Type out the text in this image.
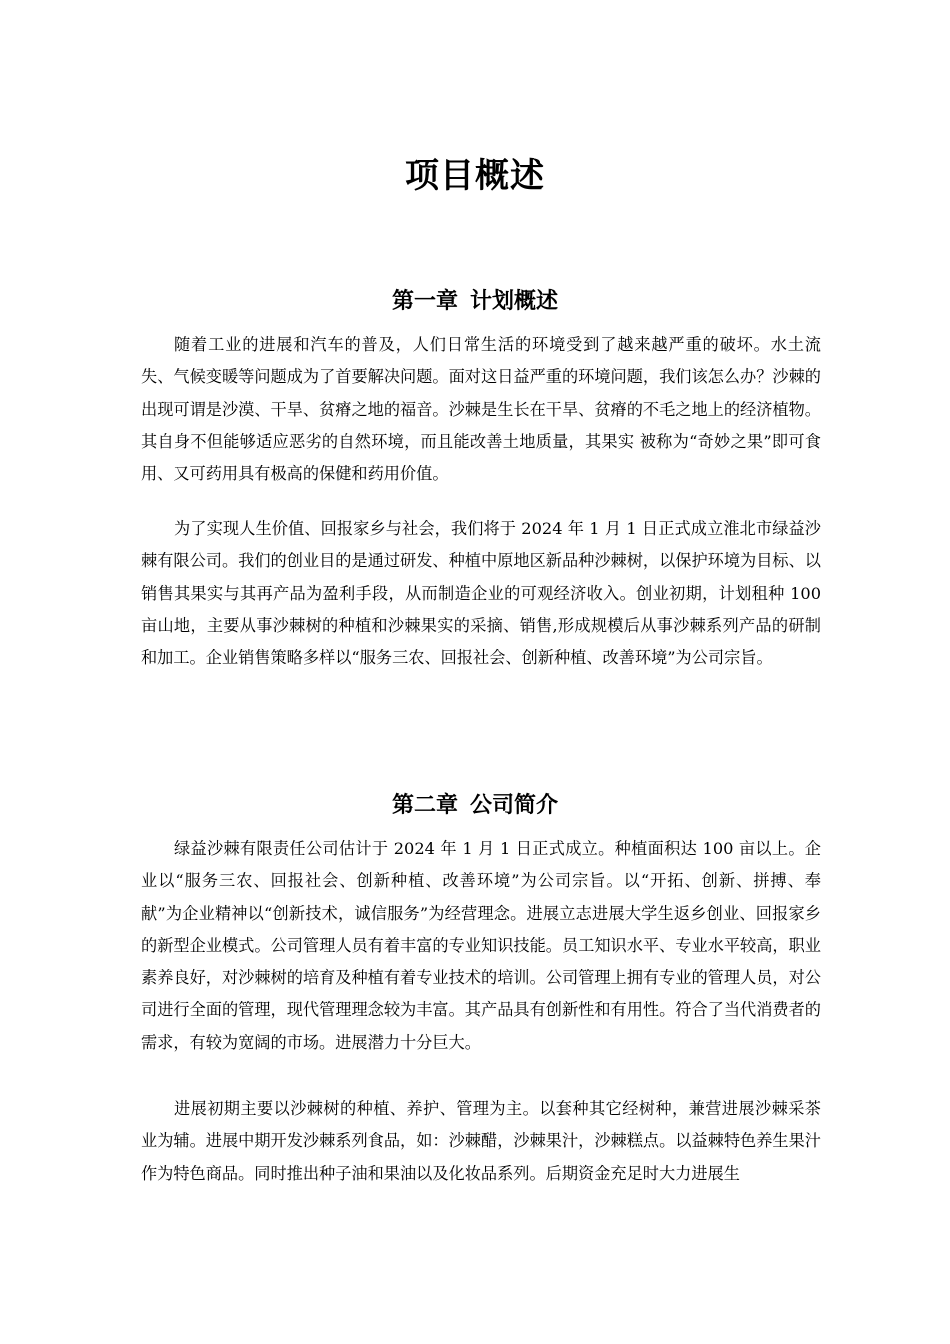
项目概述
第一章 计划概述

随着工业的进展和汽车的普及，人们日常生活的环境受到了越来越严重的破坏。水土流失、气候变暖等问题成为了首要解决问题。面对这日益严重的环境问题，我们该怎么办？沙棘的出现可谓是沙漠、干旱、贫瘠之地的福音。沙棘是生长在干旱、贫瘠的不毛之地上的经济植物。其自身不但能够适应恶劣的自然环境，而且能改善土地质量，其果实 被称为“奇妙之果”即可食用、又可药用具有极高的保健和药用价值。

为了实现人生价值、回报家乡与社会，我们将于 2024 年 1 月 1 日正式成立淮北市绿益沙棘有限公司。我们的创业目的是通过研发、种植中原地区新品种沙棘树，以保护环境为目标、以销售其果实与其再产品为盈利手段，从而制造企业的可观经济收入。创业初期，计划租种 100 亩山地，主要从事沙棘树的种植和沙棘果实的采摘、销售,形成规模后从事沙棘系列产品的研制和加工。企业销售策略多样以“服务三农、回报社会、创新种植、改善环境”为公司宗旨。

第二章 公司简介

绿益沙棘有限责任公司估计于 2024 年 1 月 1 日正式成立。种植面积达 100 亩以上。企业以“服务三农、回报社会、创新种植、改善环境”为公司宗旨。以“开拓、创新、拼搏、奉献”为企业精神以“创新技术，诚信服务”为经营理念。进展立志进展大学生返乡创业、回报家乡的新型企业模式。公司管理人员有着丰富的专业知识技能。员工知识水平、专业水平较高，职业素养良好，对沙棘树的培育及种植有着专业技术的培训。公司管理上拥有专业的管理人员，对公司进行全面的管理，现代管理理念较为丰富。其产品具有创新性和有用性。符合了当代消费者的需求，有较为宽阔的市场。进展潜力十分巨大。

进展初期主要以沙棘树的种植、养护、管理为主。以套种其它经树种，兼营进展沙棘采茶业为辅。进展中期开发沙棘系列食品，如：沙棘醋，沙棘果汁，沙棘糕点。以益棘特色养生果汁作为特色商品。同时推出种子油和果油以及化妆品系列。后期资金充足时大力进展生
